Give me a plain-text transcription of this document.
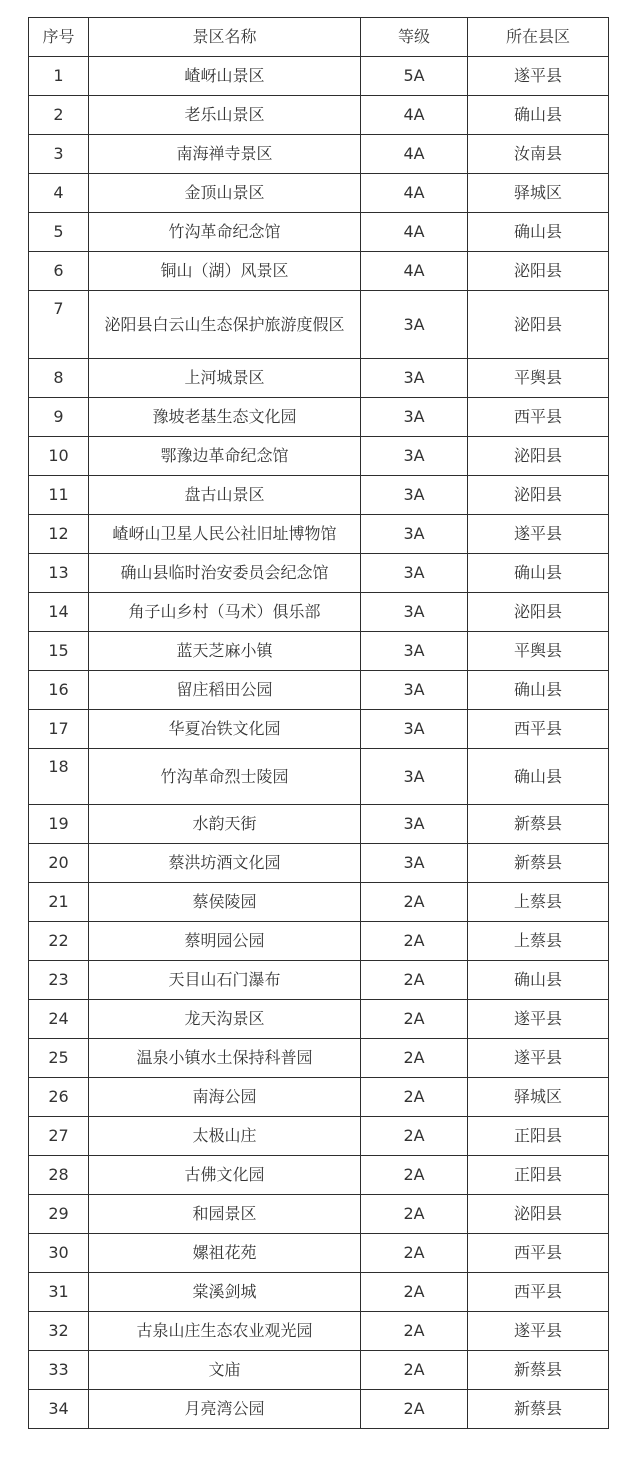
序号	景区名称	等级	所在县区
1	嵖岈山景区	5A	遂平县
2	老乐山景区	4A	确山县
3	南海禅寺景区	4A	汝南县
4	金顶山景区	4A	驿城区
5	竹沟革命纪念馆	4A	确山县
6	铜山（湖）风景区	4A	泌阳县
7	泌阳县白云山生态保护旅游度假区	3A	泌阳县
8	上河城景区	3A	平舆县
9	豫坡老基生态文化园	3A	西平县
10	鄂豫边革命纪念馆	3A	泌阳县
11	盘古山景区	3A	泌阳县
12	嵖岈山卫星人民公社旧址博物馆	3A	遂平县
13	确山县临时治安委员会纪念馆	3A	确山县
14	角子山乡村（马术）俱乐部	3A	泌阳县
15	蓝天芝麻小镇	3A	平舆县
16	留庄稻田公园	3A	确山县
17	华夏冶铁文化园	3A	西平县
18	竹沟革命烈士陵园	3A	确山县
19	水韵天街	3A	新蔡县
20	蔡洪坊酒文化园	3A	新蔡县
21	蔡侯陵园	2A	上蔡县
22	蔡明园公园	2A	上蔡县
23	天目山石门瀑布	2A	确山县
24	龙天沟景区	2A	遂平县
25	温泉小镇水土保持科普园	2A	遂平县
26	南海公园	2A	驿城区
27	太极山庄	2A	正阳县
28	古佛文化园	2A	正阳县
29	和园景区	2A	泌阳县
30	嫘祖花苑	2A	西平县
31	棠溪剑城	2A	西平县
32	古泉山庄生态农业观光园	2A	遂平县
33	文庙	2A	新蔡县
34	月亮湾公园	2A	新蔡县
